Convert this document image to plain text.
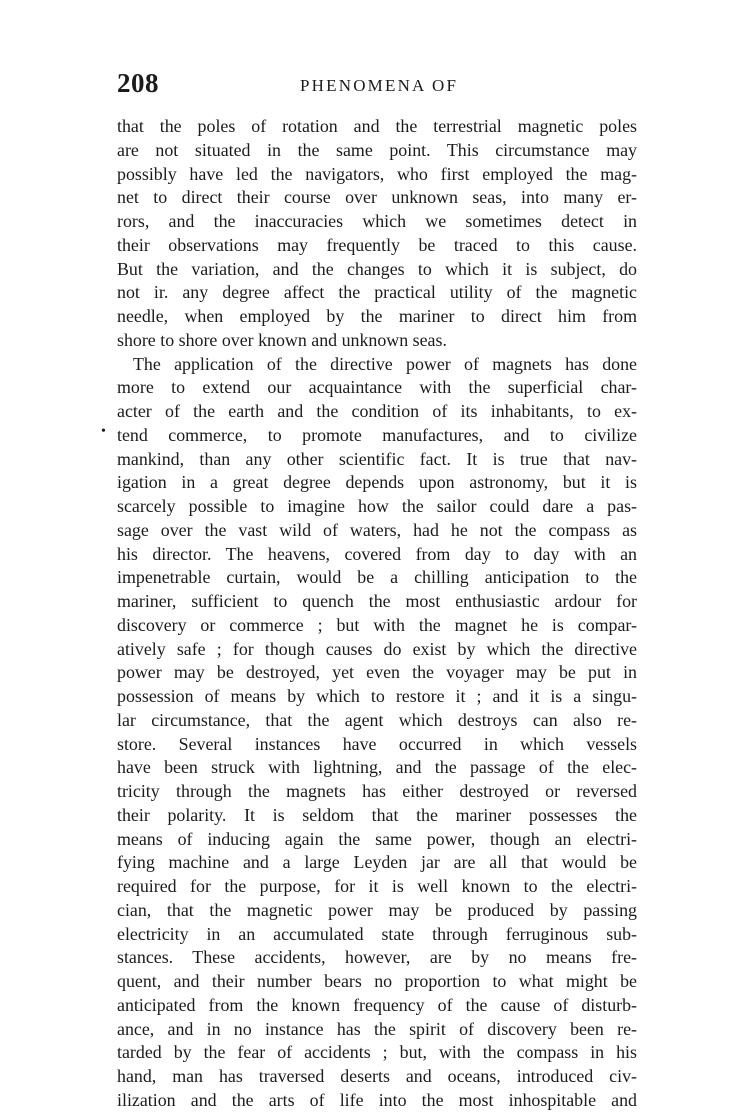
208	PHENOMENA OF
•
that the poles of rotation and the terrestrial magnetic poles
are not situated in the same point. This circumstance may
possibly have led the navigators, who first employed the mag-
net to direct their course over unknown seas, into many er-
rors, and the inaccuracies which we sometimes detect in
their observations may frequently be traced to this cause.
But the variation, and the changes to which it is subject, do
not ir. any degree affect the practical utility of the magnetic
needle, when employed by the mariner to direct him from
shore to shore over known and unknown seas.
The application of the directive power of magnets has done
more to extend our acquaintance with the superficial char-
acter of the earth and the condition of its inhabitants, to ex-
tend commerce, to promote manufactures, and to civilize
mankind, than any other scientific fact. It is true that nav-
igation in a great degree depends upon astronomy, but it is
scarcely possible to imagine how the sailor could dare a pas-
sage over the vast wild of waters, had he not the compass as
his director. The heavens, covered from day to day with an
impenetrable curtain, would be a chilling anticipation to the
mariner, sufficient to quench the most enthusiastic ardour for
discovery or commerce ; but with the magnet he is compar-
atively safe ; for though causes do exist by which the directive
power may be destroyed, yet even the voyager may be put in
possession of means by which to restore it ; and it is a singu-
lar circumstance, that the agent which destroys can also re-
store. Several instances have occurred in which vessels
have been struck with lightning, and the passage of the elec-
tricity through the magnets has either destroyed or reversed
their polarity. It is seldom that the mariner possesses the
means of inducing again the same power, though an electri-
fying machine and a large Leyden jar are all that would be
required for the purpose, for it is well known to the electri-
cian, that the magnetic power may be produced by passing
electricity in an accumulated state through ferruginous sub-
stances. These accidents, however, are by no means fre-
quent, and their number bears no proportion to what might be
anticipated from the known frequency of the cause of disturb-
ance, and in no instance has the spirit of discovery been re-
tarded by the fear of accidents ; but, with the compass in his
hand, man has traversed deserts and oceans, introduced civ-
ilization and the arts of life into the most inhospitable and
